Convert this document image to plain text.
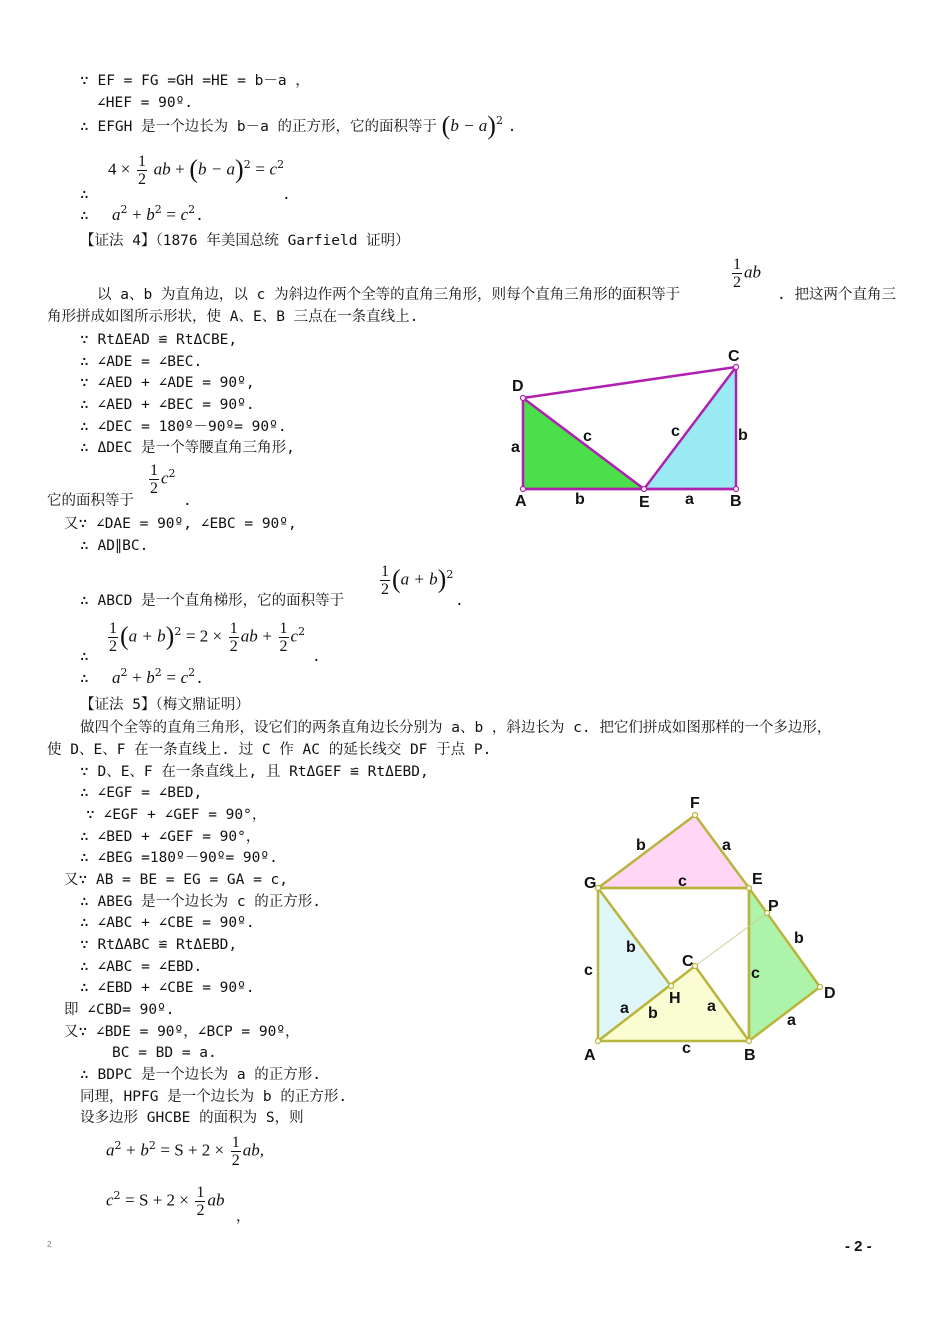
∵ EF = FG =GH =HE = b－a ，
∠HEF = 90º.
∴ EFGH 是一个边长为 b－a 的正方形，它的面积等于 $(b - a)^2$ .
$4 \times \frac{1}{2}$ ab + $(b - a)^2 = c^2$
∴	.
∴ $a^2 + b^2 = c^2$.
【证法 4】（1876 年美国总统 Garfield 证明）
$\frac{1}{2}$ ab
以 a、b 为直角边，以 c 为斜边作两个全等的直角三角形，则每个直角三角形的面积等于	. 把这两个直角三
角形拼成如图所示形状，使 A、E、B 三点在一条直线上.
∵ RtΔEAD ≌ RtΔCBE,
∴ ∠ADE = ∠BEC.
∵ ∠AED + ∠ADE = 90º,
∴ ∠AED + ∠BEC = 90º.
∴ ∠DEC = 180º－90º= 90º.
∴ ΔDEC 是一个等腰直角三角形,
$\frac{1}{2} c^2$
它的面积等于	.
又∵ ∠DAE = 90º, ∠EBC = 90º,
∴ AD∥BC.
$\frac{1}{2} (a + b)^2$
∴ ABCD 是一个直角梯形，它的面积等于	.
$\frac{1}{2} (a + b)^2 = 2 \times \frac{1}{2}$ ab + $\frac{1}{2} c^2$
∴	.
∴ $a^2 + b^2 = c^2$.
D
C
A	E	B
a
b
c	c	b
a
【证法 5】（梅文鼎证明）
做四个全等的直角三角形，设它们的两条直角边长分别为 a、b ，斜边长为 c. 把它们拼成如图那样的一个多边形，
使 D、E、F 在一条直线上. 过 C 作 AC 的延长线交 DF 于点 P.
∵ D、E、F 在一条直线上, 且 RtΔGEF ≌ RtΔEBD,
∴ ∠EGF = ∠BED,
∵ ∠EGF + ∠GEF = 90°，
∴ ∠BED + ∠GEF = 90°，
∴ ∠BEG =180º－90º= 90º.
又∵ AB = BE = EG = GA = c,
∴ ABEG 是一个边长为 c 的正方形.
∴ ∠ABC + ∠CBE = 90º.
∵ RtΔABC ≌ RtΔEBD,
∴ ∠ABC = ∠EBD.
∴ ∠EBD + ∠CBE = 90º.
即 ∠CBD= 90º.
又∵ ∠BDE = 90º，∠BCP = 90º，
BC = BD = a.
∴ BDPC 是一个边长为 a 的正方形.
同理，HPFG 是一个边长为 b 的正方形.
设多边形 GHCBE 的面积为 S，则
$a^2 + b^2 = S + 2 \times \frac{1}{2}$ ab,
$c^2 = S + 2 \times \frac{1}{2}$ ab
，
F
G	E
P
D
C
H
A	B
b	a
c
b
c	c
b
a
a b	a
c
2	- 2 -
